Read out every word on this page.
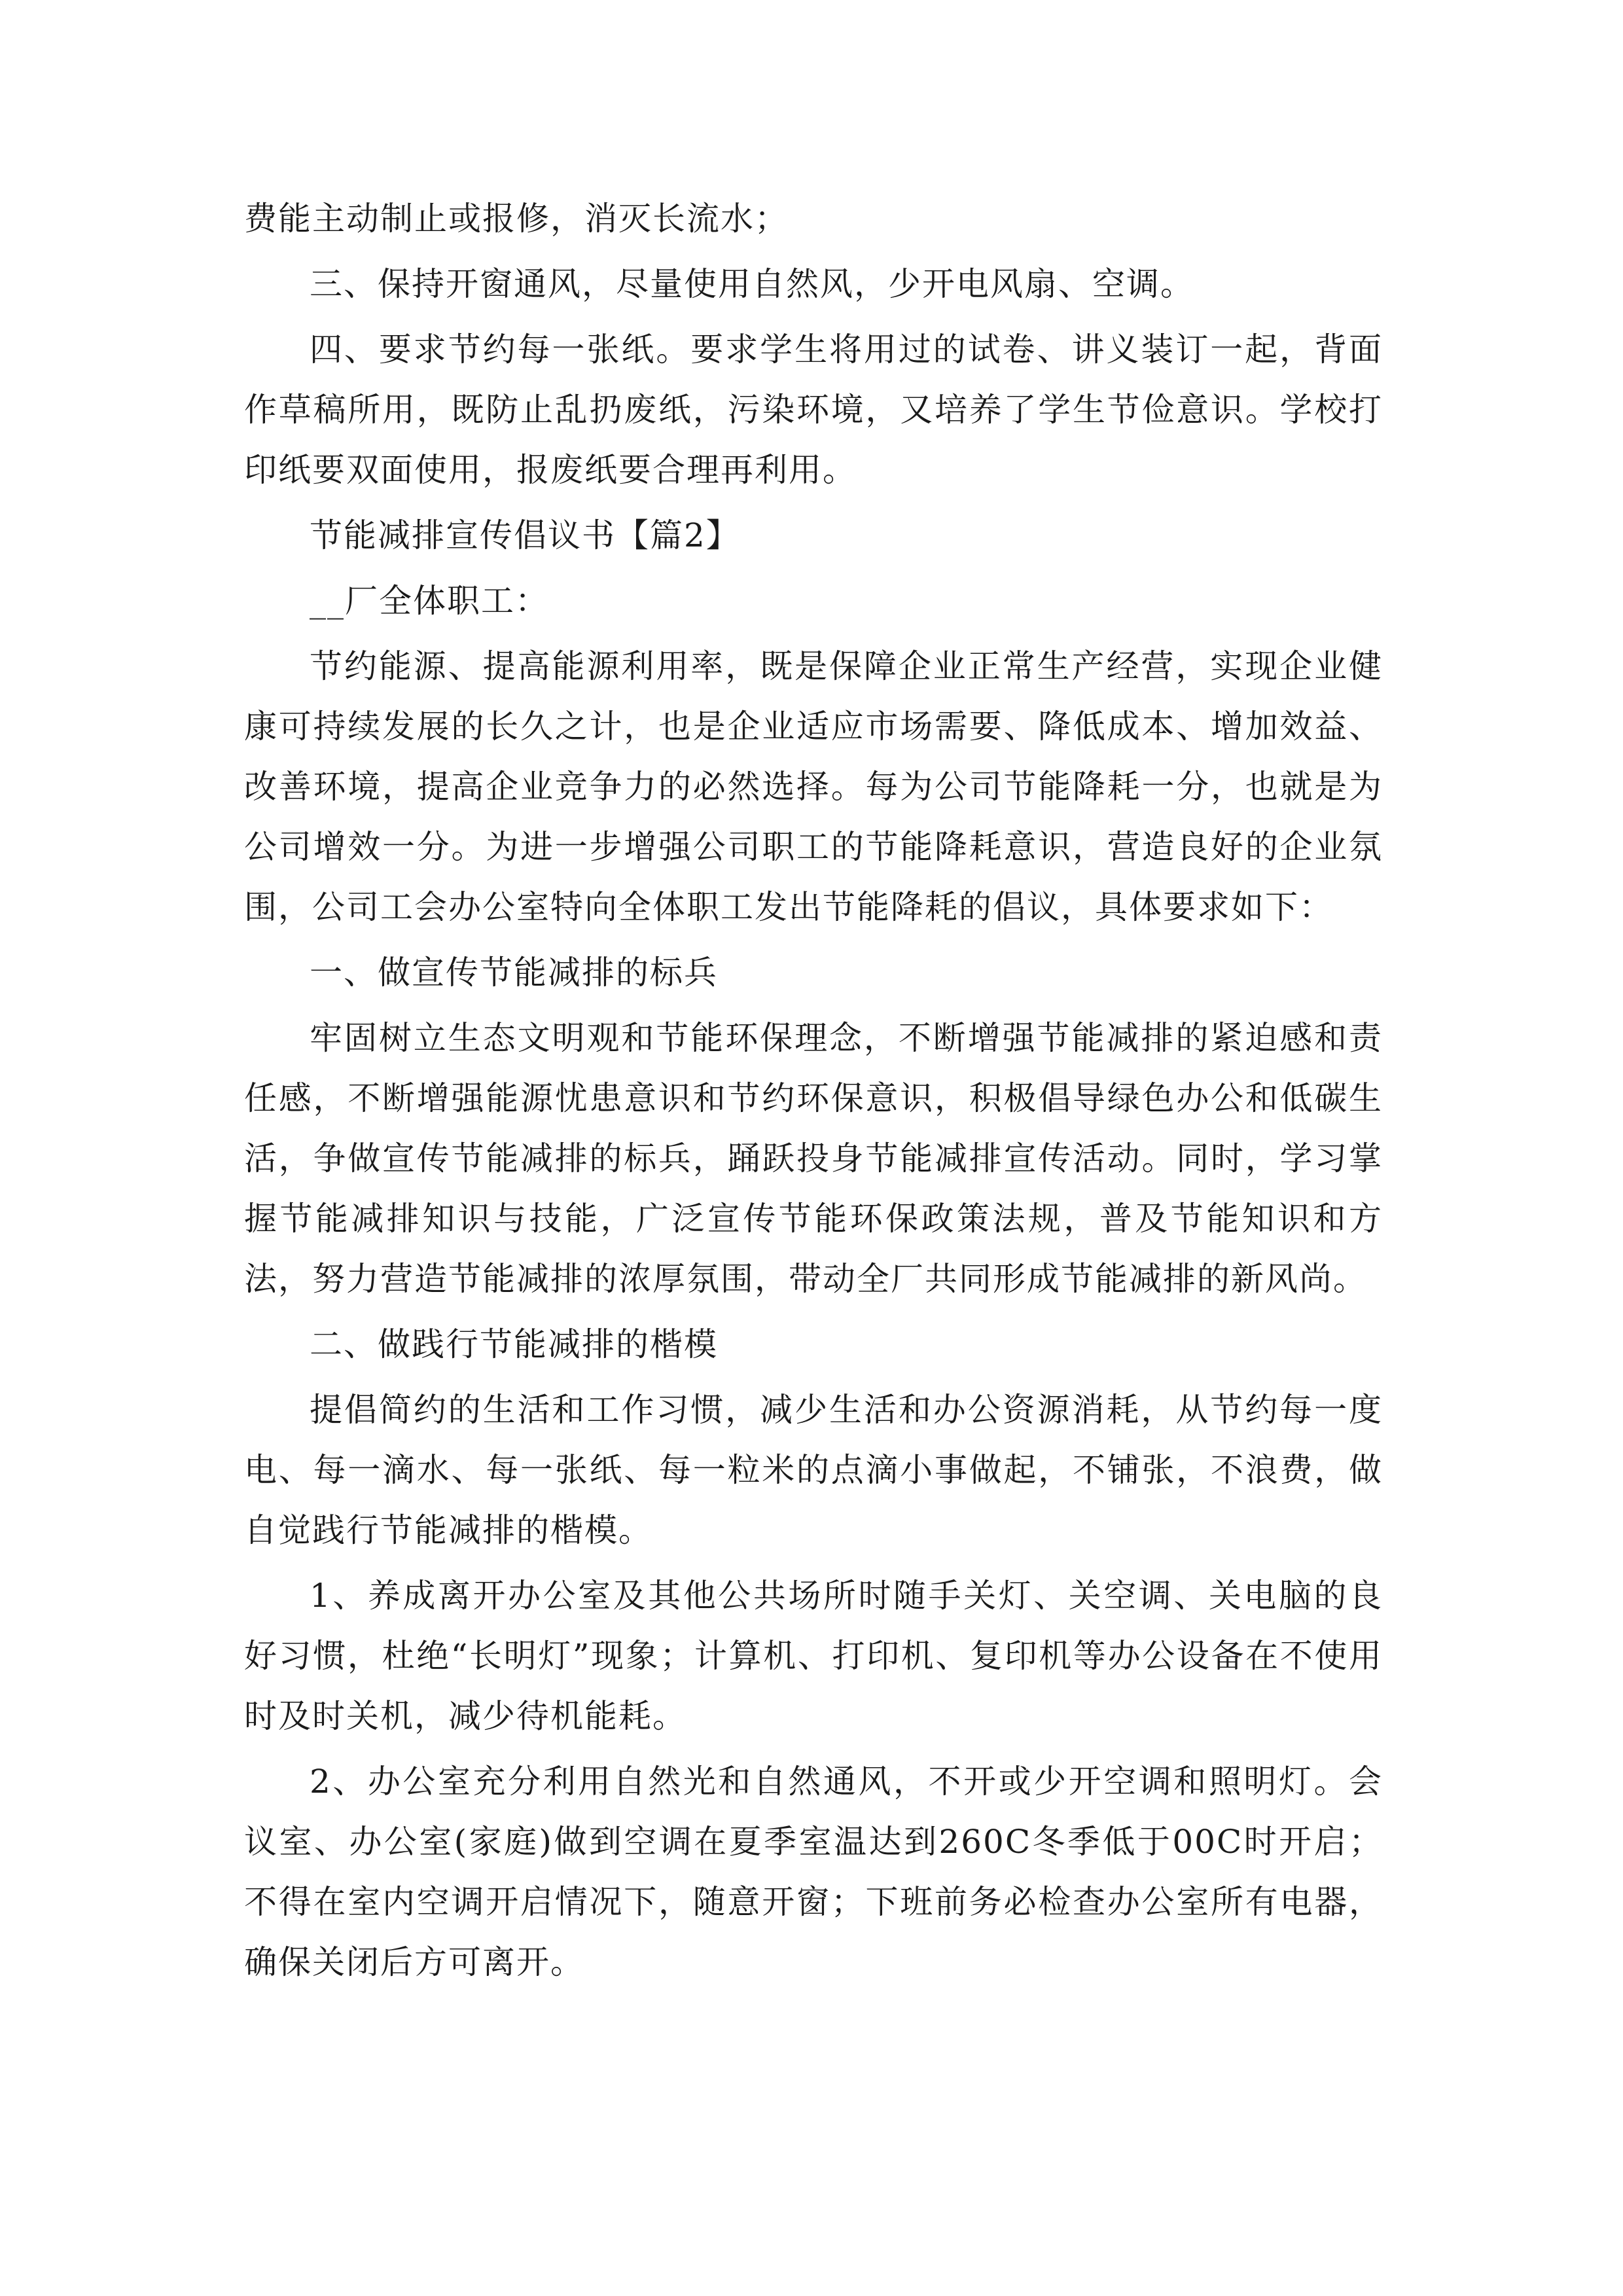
费能主动制止或报修，消灭长流水；

三、保持开窗通风，尽量使用自然风，少开电风扇、空调。

四、要求节约每一张纸。要求学生将用过的试卷、讲义装订一起，背面作草稿所用，既防止乱扔废纸，污染环境，又培养了学生节俭意识。学校打印纸要双面使用，报废纸要合理再利用。

节能减排宣传倡议书【篇2】

__厂全体职工：

节约能源、提高能源利用率，既是保障企业正常生产经营，实现企业健康可持续发展的长久之计，也是企业适应市场需要、降低成本、增加效益、改善环境，提高企业竞争力的必然选择。每为公司节能降耗一分，也就是为公司增效一分。为进一步增强公司职工的节能降耗意识，营造良好的企业氛围，公司工会办公室特向全体职工发出节能降耗的倡议，具体要求如下：

一、做宣传节能减排的标兵

牢固树立生态文明观和节能环保理念，不断增强节能减排的紧迫感和责任感，不断增强能源忧患意识和节约环保意识，积极倡导绿色办公和低碳生活，争做宣传节能减排的标兵，踊跃投身节能减排宣传活动。同时，学习掌握节能减排知识与技能，广泛宣传节能环保政策法规，普及节能知识和方法，努力营造节能减排的浓厚氛围，带动全厂共同形成节能减排的新风尚。

二、做践行节能减排的楷模

提倡简约的生活和工作习惯，减少生活和办公资源消耗，从节约每一度电、每一滴水、每一张纸、每一粒米的点滴小事做起，不铺张，不浪费，做自觉践行节能减排的楷模。

1、养成离开办公室及其他公共场所时随手关灯、关空调、关电脑的良好习惯，杜绝“长明灯”现象；计算机、打印机、复印机等办公设备在不使用时及时关机，减少待机能耗。

2、办公室充分利用自然光和自然通风，不开或少开空调和照明灯。会议室、办公室(家庭)做到空调在夏季室温达到260C冬季低于00C时开启；不得在室内空调开启情况下，随意开窗；下班前务必检查办公室所有电器，确保关闭后方可离开。
